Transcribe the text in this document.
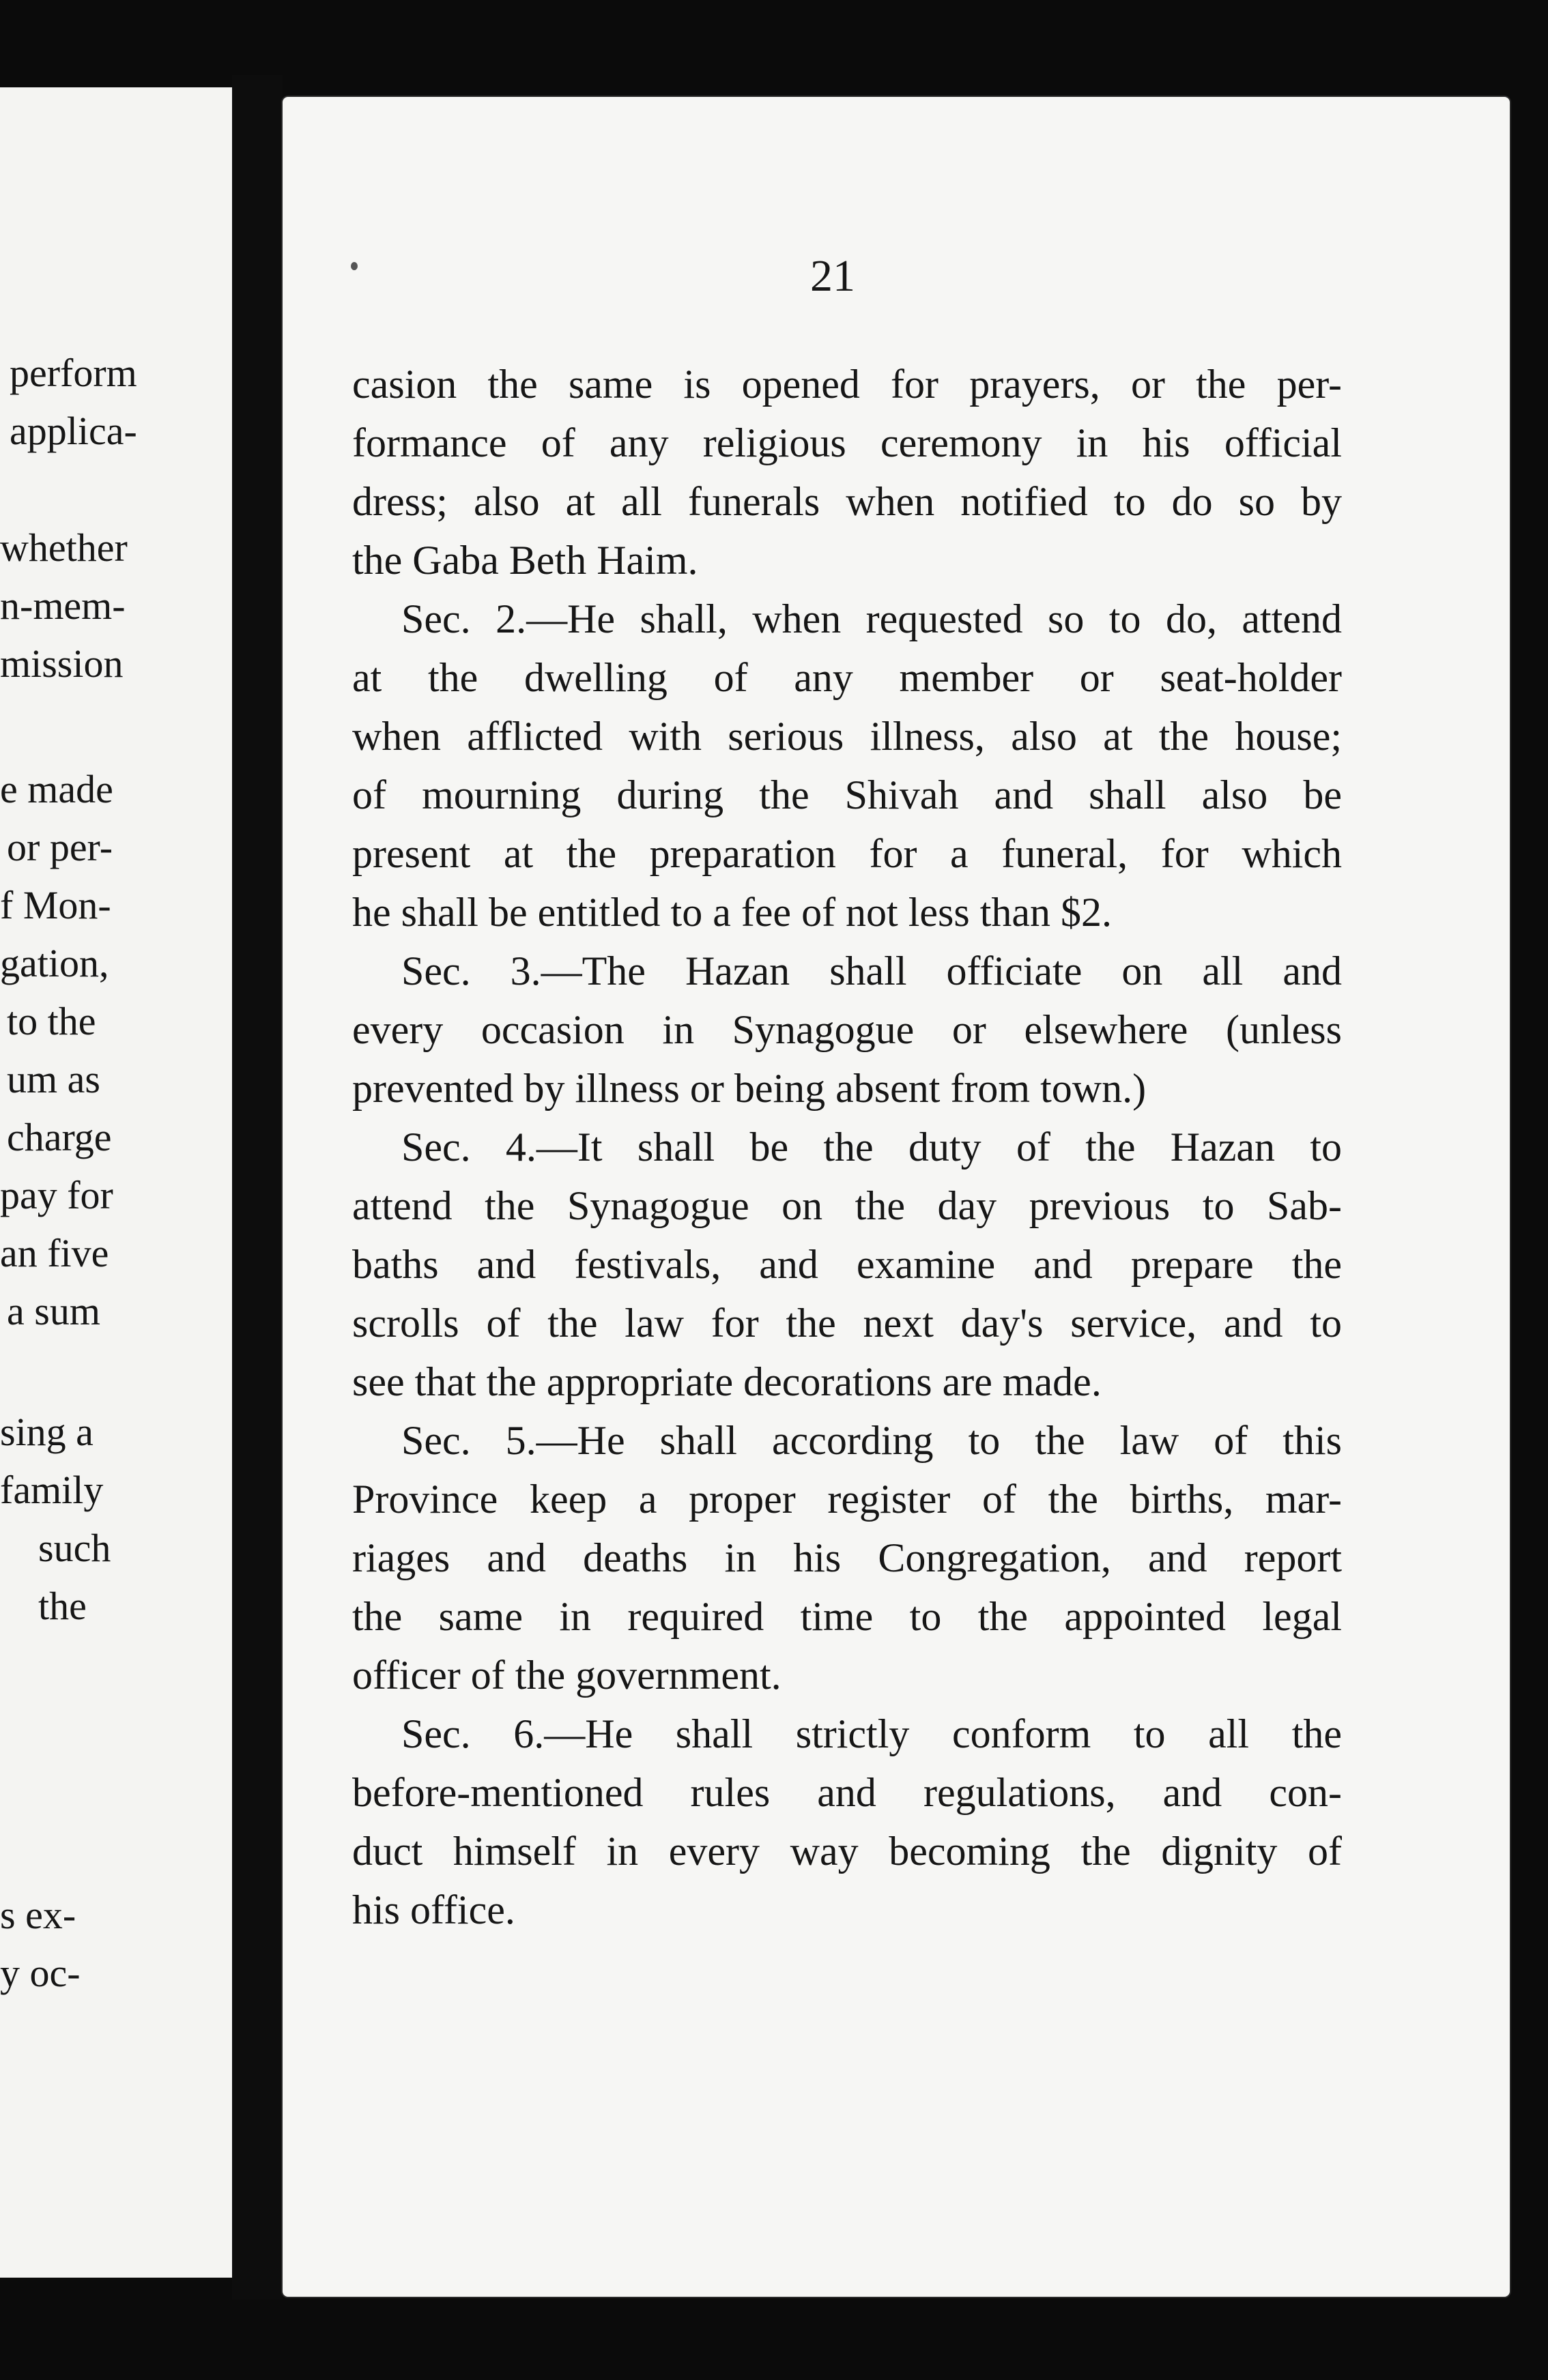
perform
applica-
whether
n-mem-
mission
e made
or per-
f Mon-
gation,
to the
um as
charge
pay for
an five
a sum
sing a
family
such
the
s ex-
y oc-
21
casion the same is opened for prayers, or the per-
formance of any religious ceremony in his official
dress; also at all funerals when notified to do so by
the Gaba Beth Haim.
Sec. 2.—He shall, when requested so to do, attend
at the dwelling of any member or seat-holder
when afflicted with serious illness, also at the house;
of mourning during the Shivah and shall also be
present at the preparation for a funeral, for which
he shall be entitled to a fee of not less than $2.
Sec. 3.—The Hazan shall officiate on all and
every occasion in Synagogue or elsewhere (unless
prevented by illness or being absent from town.)
Sec. 4.—It shall be the duty of the Hazan to
attend the Synagogue on the day previous to Sab-
baths and festivals, and examine and prepare the
scrolls of the law for the next day's service, and to
see that the appropriate decorations are made.
Sec. 5.—He shall according to the law of this
Province keep a proper register of the births, mar-
riages and deaths in his Congregation, and report
the same in required time to the appointed legal
officer of the government.
Sec. 6.—He shall strictly conform to all the
before-mentioned rules and regulations, and con-
duct himself in every way becoming the dignity of
his office.
